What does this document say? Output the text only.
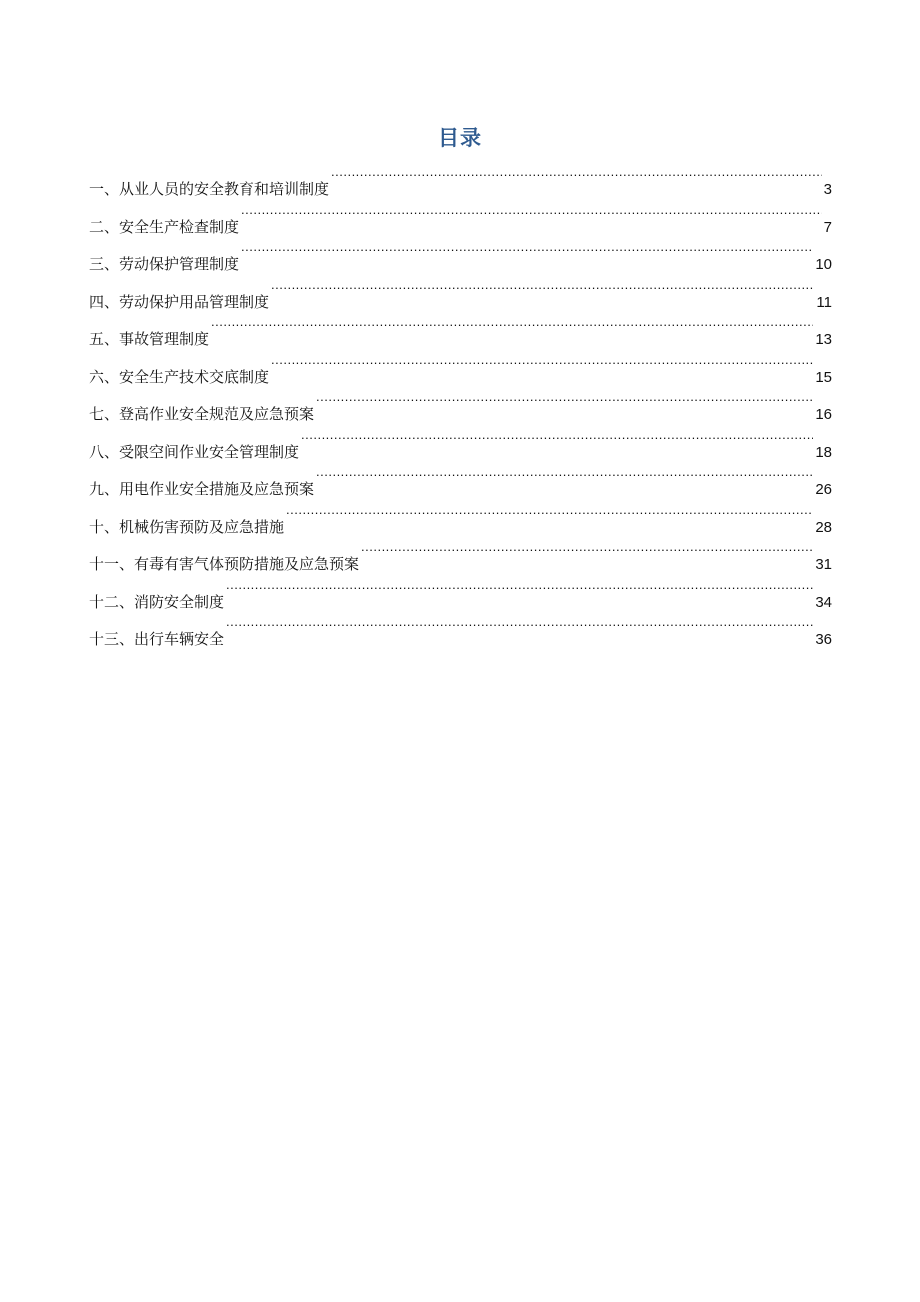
目录
一、从业人员的安全教育和培训制度 .....	3
二、安全生产检查制度 .....	7
三、劳动保护管理制度 .....	10
四、劳动保护用品管理制度 .....	11
五、事故管理制度 .....	13
六、安全生产技术交底制度 .....	15
七、登高作业安全规范及应急预案 .....	16
八、受限空间作业安全管理制度 .....	18
九、用电作业安全措施及应急预案 .....	26
十、机械伤害预防及应急措施 .....	28
十一、有毒有害气体预防措施及应急预案 .....	31
十二、消防安全制度 .....	34
十三、出行车辆安全 .....	36
